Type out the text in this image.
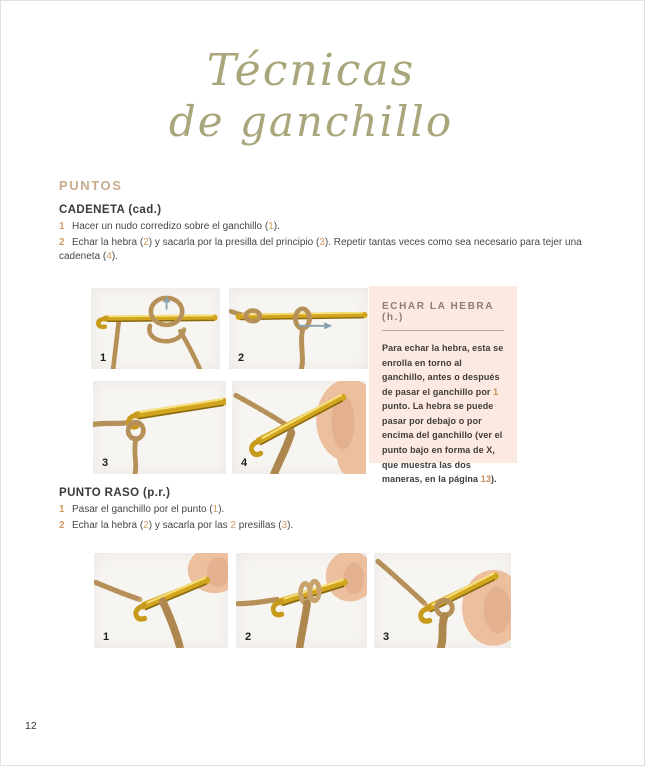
Técnicas
de ganchillo
PUNTOS
CADENETA (cad.)

1 Hacer un nudo corredizo sobre el ganchillo (1).

2 Echar la hebra (2) y sacarla por la presilla del principio (3). Repetir tantas veces como sea necesario para tejer una cadeneta (4).

1	2
3	4
ECHAR LA HEBRA (h.)
Para echar la hebra, esta se enrolla en torno al ganchillo, antes o después de pasar el ganchillo por 1 punto. La hebra se puede pasar por debajo o por encima del ganchillo (ver el punto bajo en forma de X, que muestra las dos maneras, en la página 13).
PUNTO RASO (p.r.)

1 Pasar el ganchillo por el punto (1).

2 Echar la hebra (2) y sacarla por las 2 presillas (3).

1	2	3
12
